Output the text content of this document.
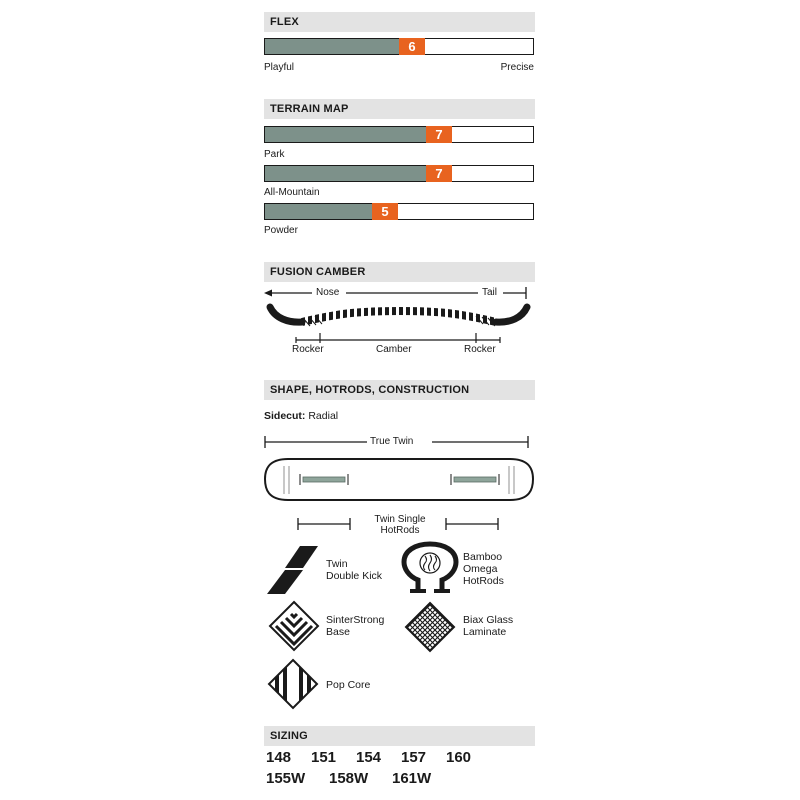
FLEX
6
Playful	Precise
TERRAIN MAP
7
Park
7
All-Mountain
5
Powder
FUSION CAMBER
Nose	Tail
Rocker	Camber	Rocker
SHAPE, HOTRODS, CONSTRUCTION
Sidecut: Radial
True Twin
Twin Single
HotRods
Twin
Double Kick
Bamboo
Omega
HotRods
SinterStrong
Base
Biax Glass
Laminate
Pop Core
SIZING
148 151 154 157 160
155W 158W 161W
